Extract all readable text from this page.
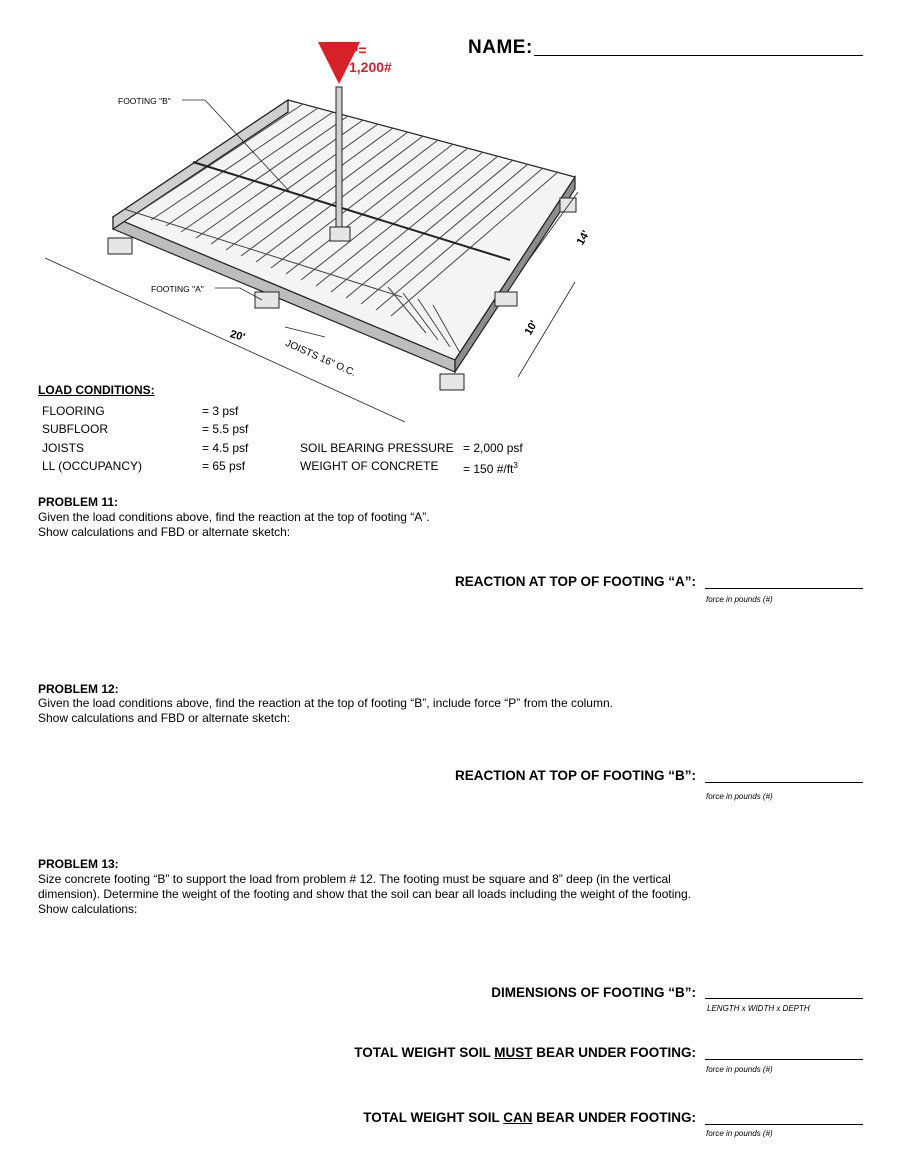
NAME:
P=
1,200#
FOOTING "B"
FOOTING "A"
20'
JOISTS 16" O.C.
14'
10'
LOAD CONDITIONS:
FLOORING	= 3 psf
SUBFLOOR	= 5.5 psf
JOISTS	= 4.5 psf
LL (OCCUPANCY)	= 65 psf
SOIL BEARING PRESSURE = 2,000 psf
WEIGHT OF CONCRETE = 150 $\#/ft^3$
PROBLEM 11:
Given the load conditions above, find the reaction at the top of footing “A”.
Show calculations and FBD or alternate sketch:
REACTION AT TOP OF FOOTING “A”:
force in pounds (#)
PROBLEM 12:
Given the load conditions above, find the reaction at the top of footing “B”, include force “P” from the column.
Show calculations and FBD or alternate sketch:
REACTION AT TOP OF FOOTING “B”:
force in pounds (#)
PROBLEM 13:
Size concrete footing “B” to support the load from problem # 12. The footing must be square and 8” deep (in the vertical
dimension). Determine the weight of the footing and show that the soil can bear all loads including the weight of the footing.
Show calculations:
DIMENSIONS OF FOOTING “B”:
LENGTH x WIDTH x DEPTH
TOTAL WEIGHT SOIL MUST BEAR UNDER FOOTING:
force in pounds (#)
TOTAL WEIGHT SOIL CAN BEAR UNDER FOOTING:
force in pounds (#)
